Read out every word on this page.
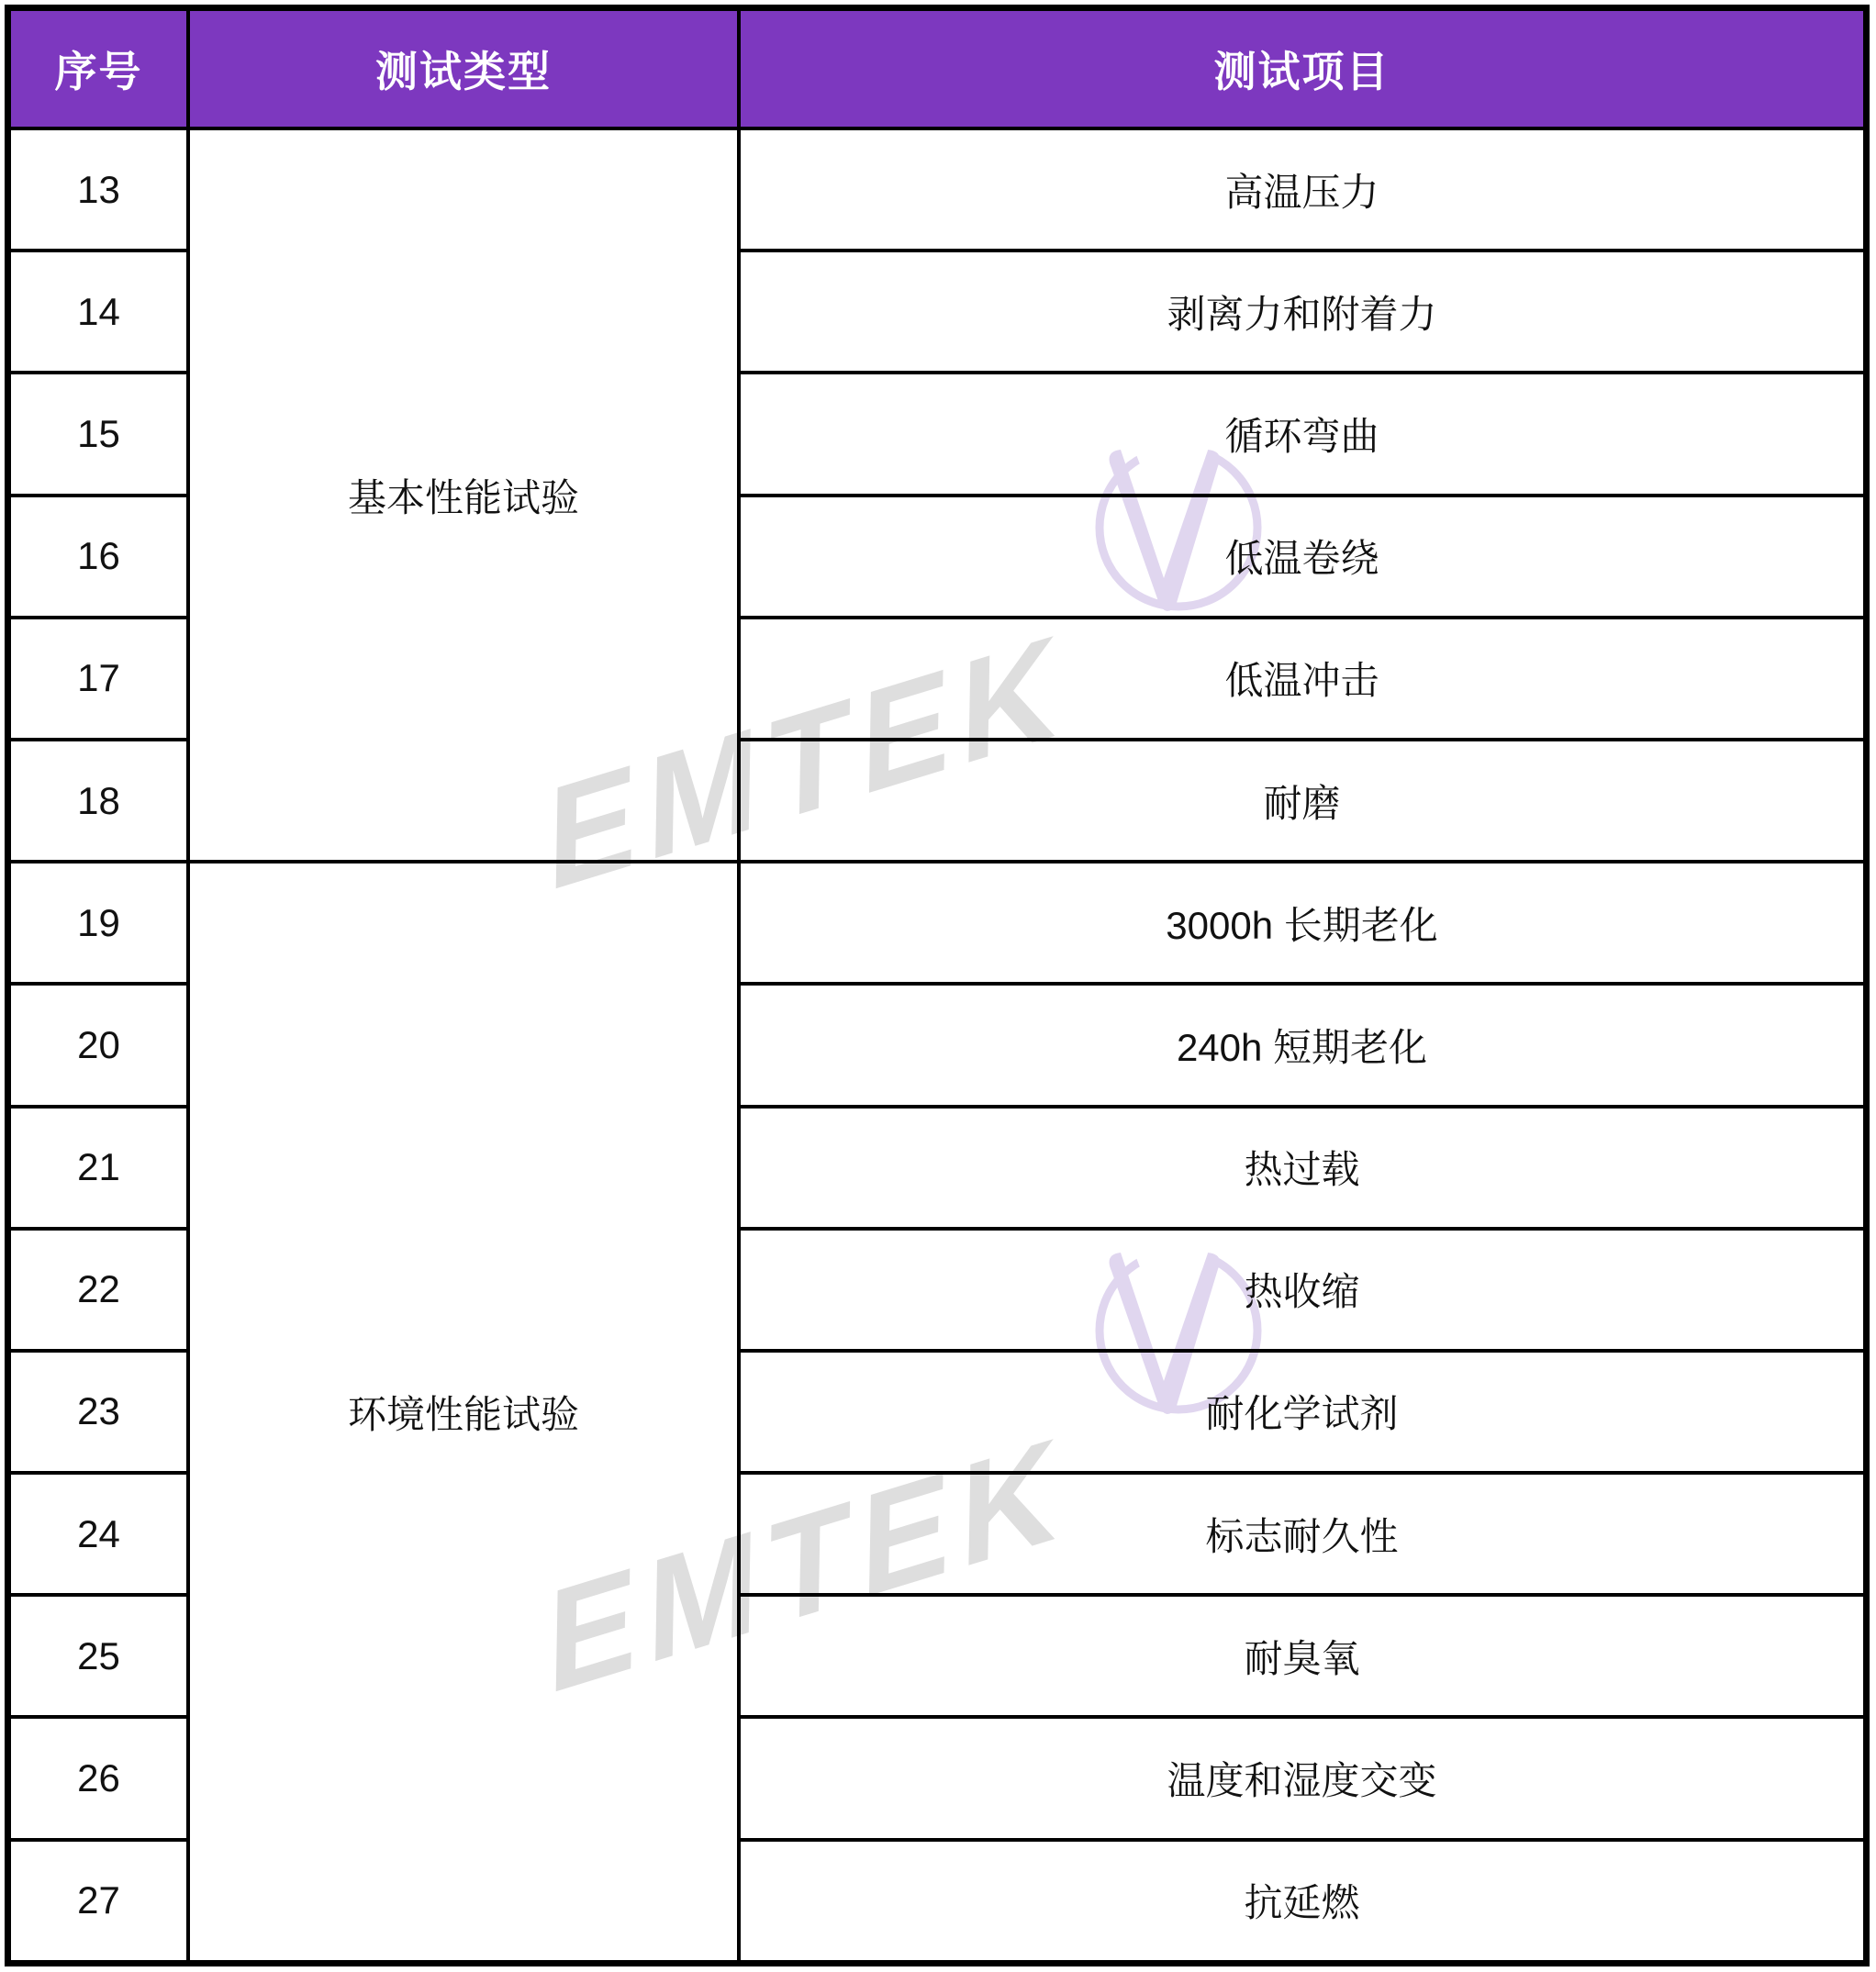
EMTEK
EMTEK
序号	测试类型	测试项目
13	基本性能试验	高温压力
14		剥离力和附着力
15		循环弯曲
16		低温卷绕
17		低温冲击
18		耐磨
19	环境性能试验	3000h 长期老化
20		240h 短期老化
21		热过载
22		热收缩
23		耐化学试剂
24		标志耐久性
25		耐臭氧
26		温度和湿度交变
27		抗延燃
